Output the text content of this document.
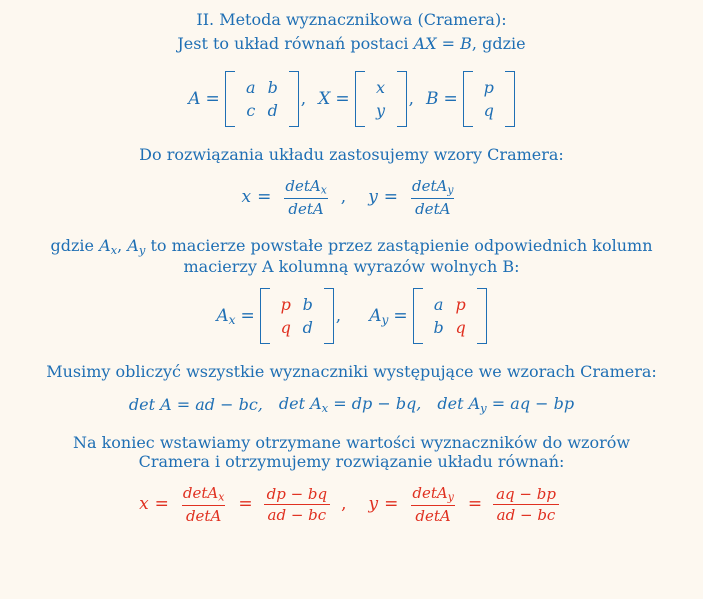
II. Metoda wyznacznikowa (Cramera):
Jest to układ równań postaci AX = B, gdzie
A =
a b
c d
, X =
x
y
, B =
p
q
Do rozwiązania układu zastosujemy wzory Cramera:
$x = \frac{\det A_x}{\det A}$ , $y = \frac{\det A_y}{\det A}$
gdzie $A_x$, $A_y$ to macierze powstałe przez zastąpienie odpowiednich kolumn
macierzy A kolumną wyrazów wolnych B:
$A_x$ =
p b
q d
, $A_y$ =
a p
b q
Musimy obliczyć wszystkie wyznaczniki występujące we wzorach Cramera:
det A = ad − bc, $\det A_x$ = dp − bq, $\det A_y$ = aq − bp
Na koniec wstawiamy otrzymane wartości wyznaczników do wzorów
Cramera i otrzymujemy rozwiązanie układu równań:
$x = \frac{\det A_x}{\det A} = \frac{dp - bq}{ad - bc}$ , $y = \frac{\det A_y}{\det A} = \frac{aq - bp}{ad - bc}$
